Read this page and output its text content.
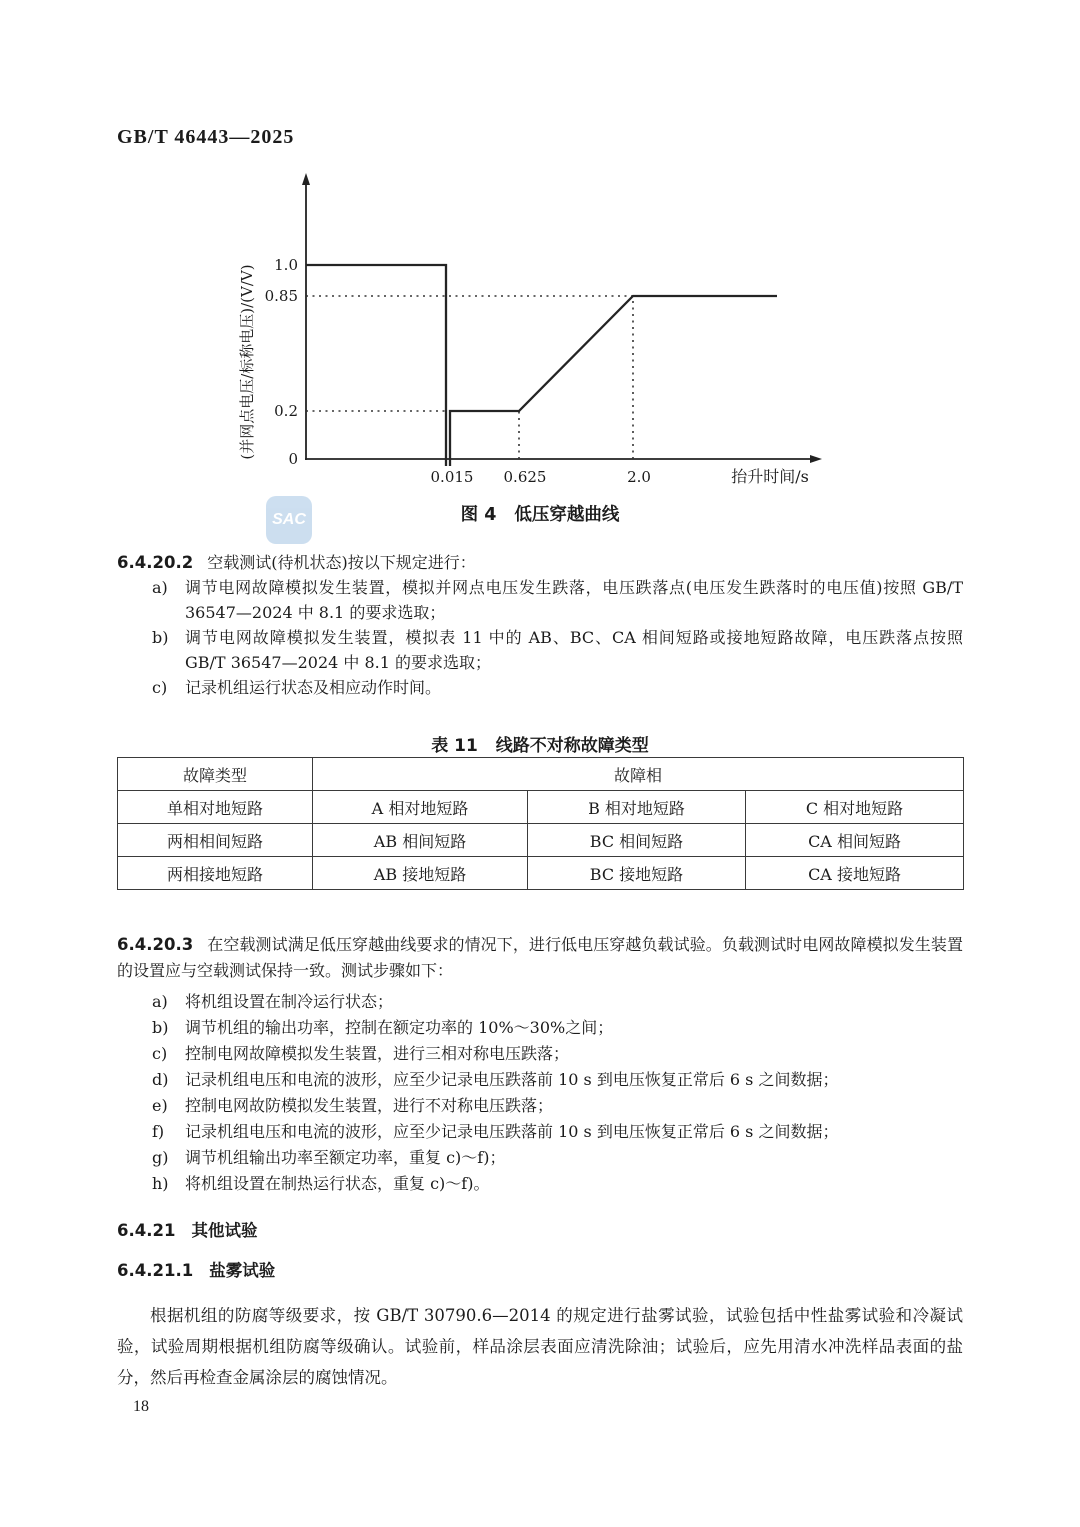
GB/T 46443—2025
0
0.2
0.85
1.0
0.015 0.625	2.0	抬升时间/s
(并网点电压/标称电压)/(V/V)
SAC	图 4 低压穿越曲线
6.4.20.2 空载测试(待机状态)按以下规定进行：
a)	调节电网故障模拟发生装置，模拟并网点电压发生跌落，电压跌落点(电压发生跌落时的电压值)按照 GB/T 36547—2024 中 8.1 的要求选取；
b)	调节电网故障模拟发生装置，模拟表 11 中的 AB、BC、CA 相间短路或接地短路故障，电压跌落点按照 GB/T 36547—2024 中 8.1 的要求选取；
c)	记录机组运行状态及相应动作时间。
表 11 线路不对称故障类型
故障类型	故障相		
单相对地短路	A 相对地短路	B 相对地短路	C 相对地短路
两相相间短路	AB 相间短路	BC 相间短路	CA 相间短路
两相接地短路	AB 接地短路	BC 接地短路	CA 接地短路
6.4.20.3 在空载测试满足低压穿越曲线要求的情况下，进行低电压穿越负载试验。负载测试时电网故障模拟发生装置的设置应与空载测试保持一致。测试步骤如下：
a)	将机组设置在制冷运行状态；
b)	调节机组的输出功率，控制在额定功率的 10%～30%之间；
c)	控制电网故障模拟发生装置，进行三相对称电压跌落；
d)	记录机组电压和电流的波形，应至少记录电压跌落前 10 s 到电压恢复正常后 6 s 之间数据；
e)	控制电网故防模拟发生装置，进行不对称电压跌落；
f)	记录机组电压和电流的波形，应至少记录电压跌落前 10 s 到电压恢复正常后 6 s 之间数据；
g)	调节机组输出功率至额定功率，重复 c)～f)；
h)	将机组设置在制热运行状态，重复 c)～f)。
6.4.21 其他试验
6.4.21.1 盐雾试验
根据机组的防腐等级要求，按 GB/T 30790.6—2014 的规定进行盐雾试验，试验包括中性盐雾试验和冷凝试验，试验周期根据机组防腐等级确认。试验前，样品涂层表面应清洗除油；试验后，应先用清水冲洗样品表面的盐分，然后再检查金属涂层的腐蚀情况。
18
